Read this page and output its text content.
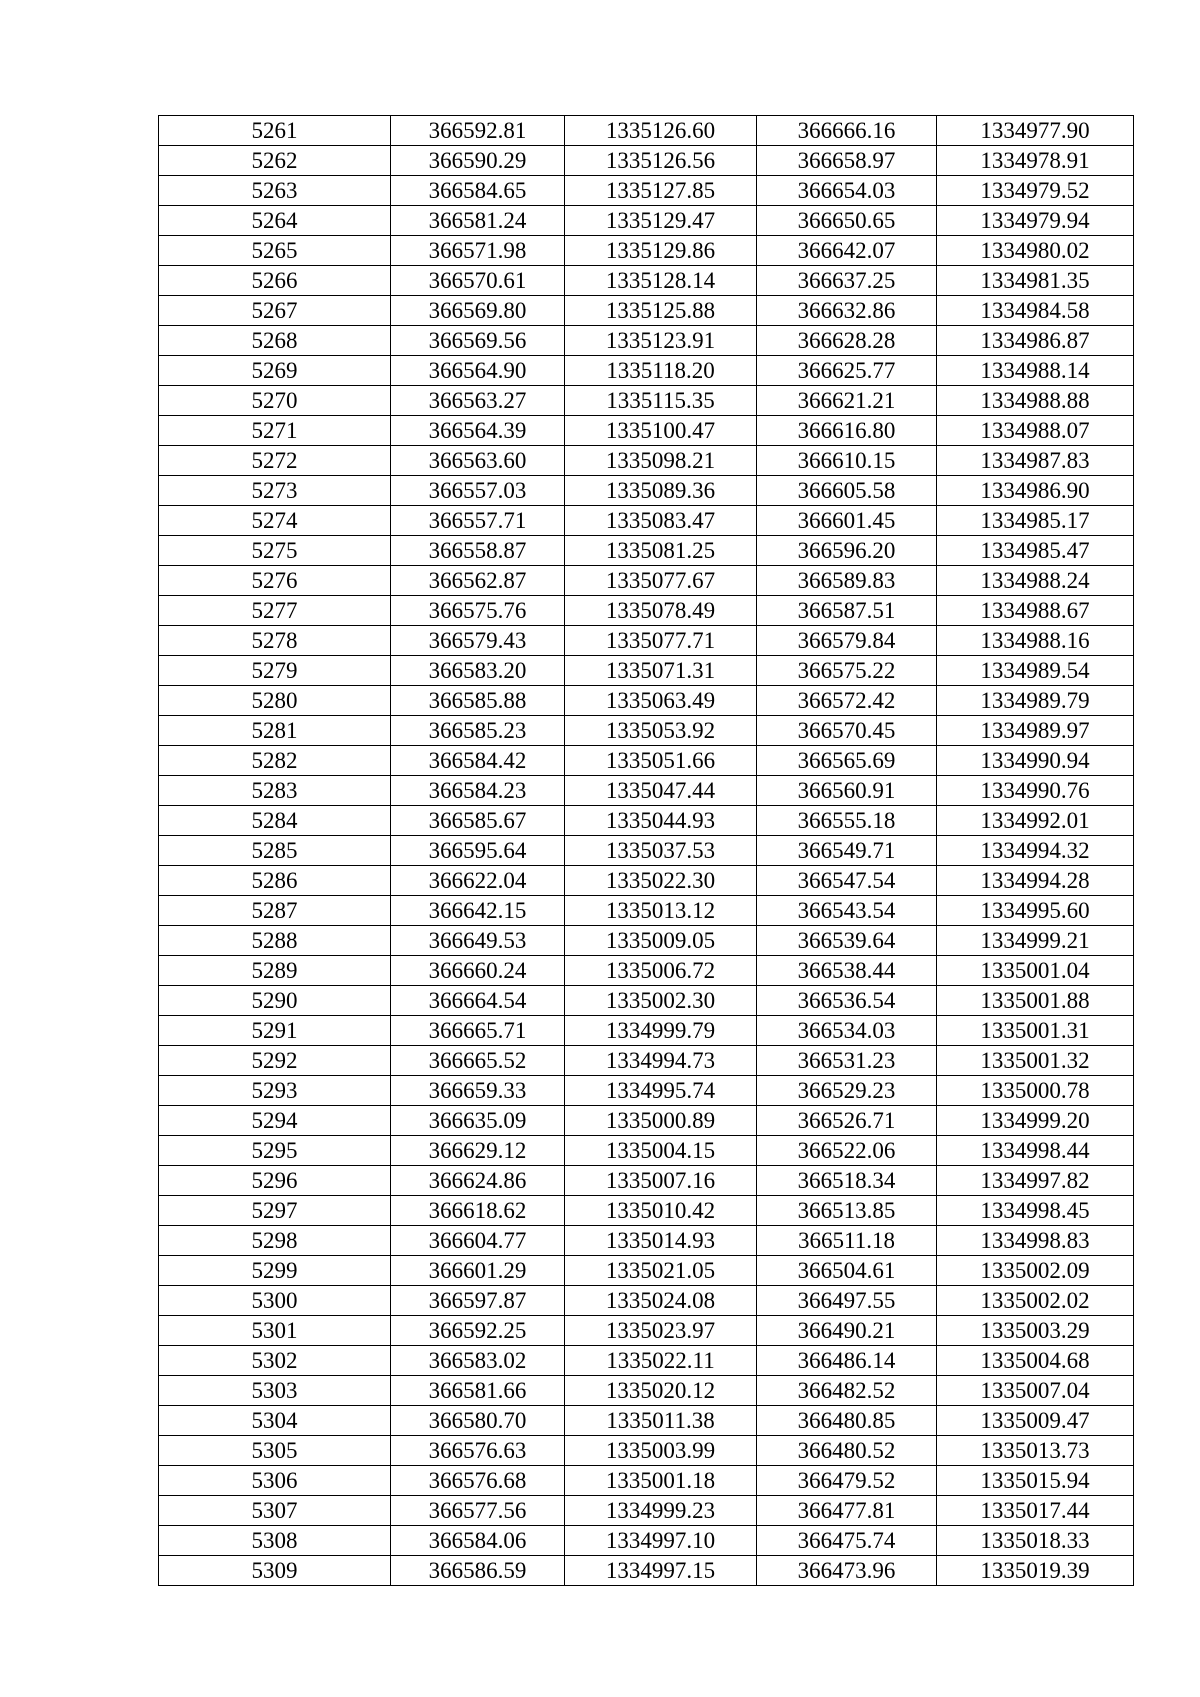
5261	366592.81	1335126.60	366666.16	1334977.90
5262	366590.29	1335126.56	366658.97	1334978.91
5263	366584.65	1335127.85	366654.03	1334979.52
5264	366581.24	1335129.47	366650.65	1334979.94
5265	366571.98	1335129.86	366642.07	1334980.02
5266	366570.61	1335128.14	366637.25	1334981.35
5267	366569.80	1335125.88	366632.86	1334984.58
5268	366569.56	1335123.91	366628.28	1334986.87
5269	366564.90	1335118.20	366625.77	1334988.14
5270	366563.27	1335115.35	366621.21	1334988.88
5271	366564.39	1335100.47	366616.80	1334988.07
5272	366563.60	1335098.21	366610.15	1334987.83
5273	366557.03	1335089.36	366605.58	1334986.90
5274	366557.71	1335083.47	366601.45	1334985.17
5275	366558.87	1335081.25	366596.20	1334985.47
5276	366562.87	1335077.67	366589.83	1334988.24
5277	366575.76	1335078.49	366587.51	1334988.67
5278	366579.43	1335077.71	366579.84	1334988.16
5279	366583.20	1335071.31	366575.22	1334989.54
5280	366585.88	1335063.49	366572.42	1334989.79
5281	366585.23	1335053.92	366570.45	1334989.97
5282	366584.42	1335051.66	366565.69	1334990.94
5283	366584.23	1335047.44	366560.91	1334990.76
5284	366585.67	1335044.93	366555.18	1334992.01
5285	366595.64	1335037.53	366549.71	1334994.32
5286	366622.04	1335022.30	366547.54	1334994.28
5287	366642.15	1335013.12	366543.54	1334995.60
5288	366649.53	1335009.05	366539.64	1334999.21
5289	366660.24	1335006.72	366538.44	1335001.04
5290	366664.54	1335002.30	366536.54	1335001.88
5291	366665.71	1334999.79	366534.03	1335001.31
5292	366665.52	1334994.73	366531.23	1335001.32
5293	366659.33	1334995.74	366529.23	1335000.78
5294	366635.09	1335000.89	366526.71	1334999.20
5295	366629.12	1335004.15	366522.06	1334998.44
5296	366624.86	1335007.16	366518.34	1334997.82
5297	366618.62	1335010.42	366513.85	1334998.45
5298	366604.77	1335014.93	366511.18	1334998.83
5299	366601.29	1335021.05	366504.61	1335002.09
5300	366597.87	1335024.08	366497.55	1335002.02
5301	366592.25	1335023.97	366490.21	1335003.29
5302	366583.02	1335022.11	366486.14	1335004.68
5303	366581.66	1335020.12	366482.52	1335007.04
5304	366580.70	1335011.38	366480.85	1335009.47
5305	366576.63	1335003.99	366480.52	1335013.73
5306	366576.68	1335001.18	366479.52	1335015.94
5307	366577.56	1334999.23	366477.81	1335017.44
5308	366584.06	1334997.10	366475.74	1335018.33
5309	366586.59	1334997.15	366473.96	1335019.39
